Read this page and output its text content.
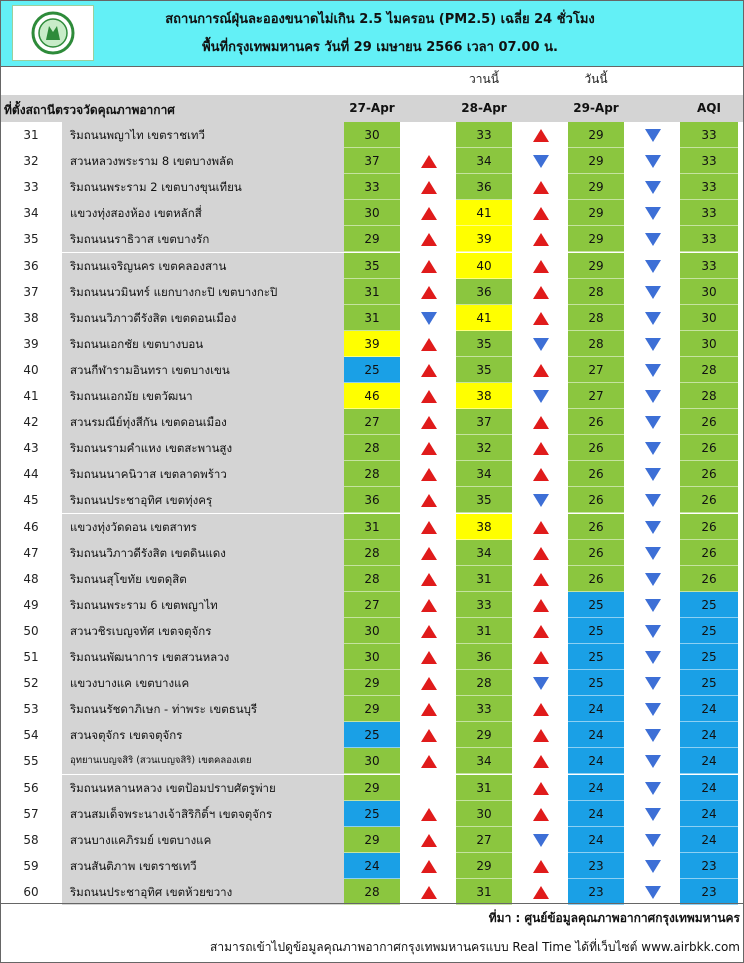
สถานการณ์ฝุ่นละอองขนาดไม่เกิน 2.5 ไมครอน (PM2.5) เฉลี่ย 24 ชั่วโมง
พื้นที่กรุงเทพมหานคร วันที่ 29 เมษายน 2566 เวลา 07.00 น.
วานนี้	วันนี้
ที่ตั้งสถานีตรวจวัดคุณภาพอากาศ	27-Apr	28-Apr	29-Apr	AQI
31	ริมถนนพญาไท เขตราชเทวี	30	33	29	33
32	สวนหลวงพระราม 8 เขตบางพลัด	37	34	29	33
33	ริมถนนพระราม 2 เขตบางขุนเทียน	33	36	29	33
34	แขวงทุ่งสองห้อง เขตหลักสี่	30	41	29	33
35	ริมถนนนราธิวาส เขตบางรัก	29	39	29	33
36	ริมถนนเจริญนคร เขตคลองสาน	35	40	29	33
37	ริมถนนนวมินทร์ แยกบางกะปิ เขตบางกะปิ	31	36	28	30
38	ริมถนนวิภาวดีรังสิต เขตดอนเมือง	31	41	28	30
39	ริมถนนเอกชัย เขตบางบอน	39	35	28	30
40	สวนกีฬารามอินทรา เขตบางเขน	25	35	27	28
41	ริมถนนเอกมัย เขตวัฒนา	46	38	27	28
42	สวนรมณีย์ทุ่งสีกัน เขตดอนเมือง	27	37	26	26
43	ริมถนนรามคำแหง เขตสะพานสูง	28	32	26	26
44	ริมถนนนาคนิวาส เขตลาดพร้าว	28	34	26	26
45	ริมถนนประชาอุทิศ เขตทุ่งครุ	36	35	26	26
46	แขวงทุ่งวัดดอน เขตสาทร	31	38	26	26
47	ริมถนนวิภาวดีรังสิต เขตดินแดง	28	34	26	26
48	ริมถนนสุโขทัย เขตดุสิต	28	31	26	26
49	ริมถนนพระราม 6 เขตพญาไท	27	33	25	25
50	สวนวชิรเบญจทัศ เขตจตุจักร	30	31	25	25
51	ริมถนนพัฒนาการ เขตสวนหลวง	30	36	25	25
52	แขวงบางแค เขตบางแค	29	28	25	25
53	ริมถนนรัชดาภิเษก - ท่าพระ เขตธนบุรี	29	33	24	24
54	สวนจตุจักร เขตจตุจักร	25	29	24	24
55	อุทยานเบญจสิริ (สวนเบญจสิริ) เขตคลองเตย	30	34	24	24
56	ริมถนนหลานหลวง เขตป้อมปราบศัตรูพ่าย	29	31	24	24
57	สวนสมเด็จพระนางเจ้าสิริกิติ์ฯ เขตจตุจักร	25	30	24	24
58	สวนบางแคภิรมย์ เขตบางแค	29	27	24	24
59	สวนสันติภาพ เขตราชเทวี	24	29	23	23
60	ริมถนนประชาอุทิศ เขตห้วยขวาง	28	31	23	23
ที่มา : ศูนย์ข้อมูลคุณภาพอากาศกรุงเทพมหานคร
สามารถเข้าไปดูข้อมูลคุณภาพอากาศกรุงเทพมหานครแบบ Real Time ได้ที่เว็บไซต์ www.airbkk.com
